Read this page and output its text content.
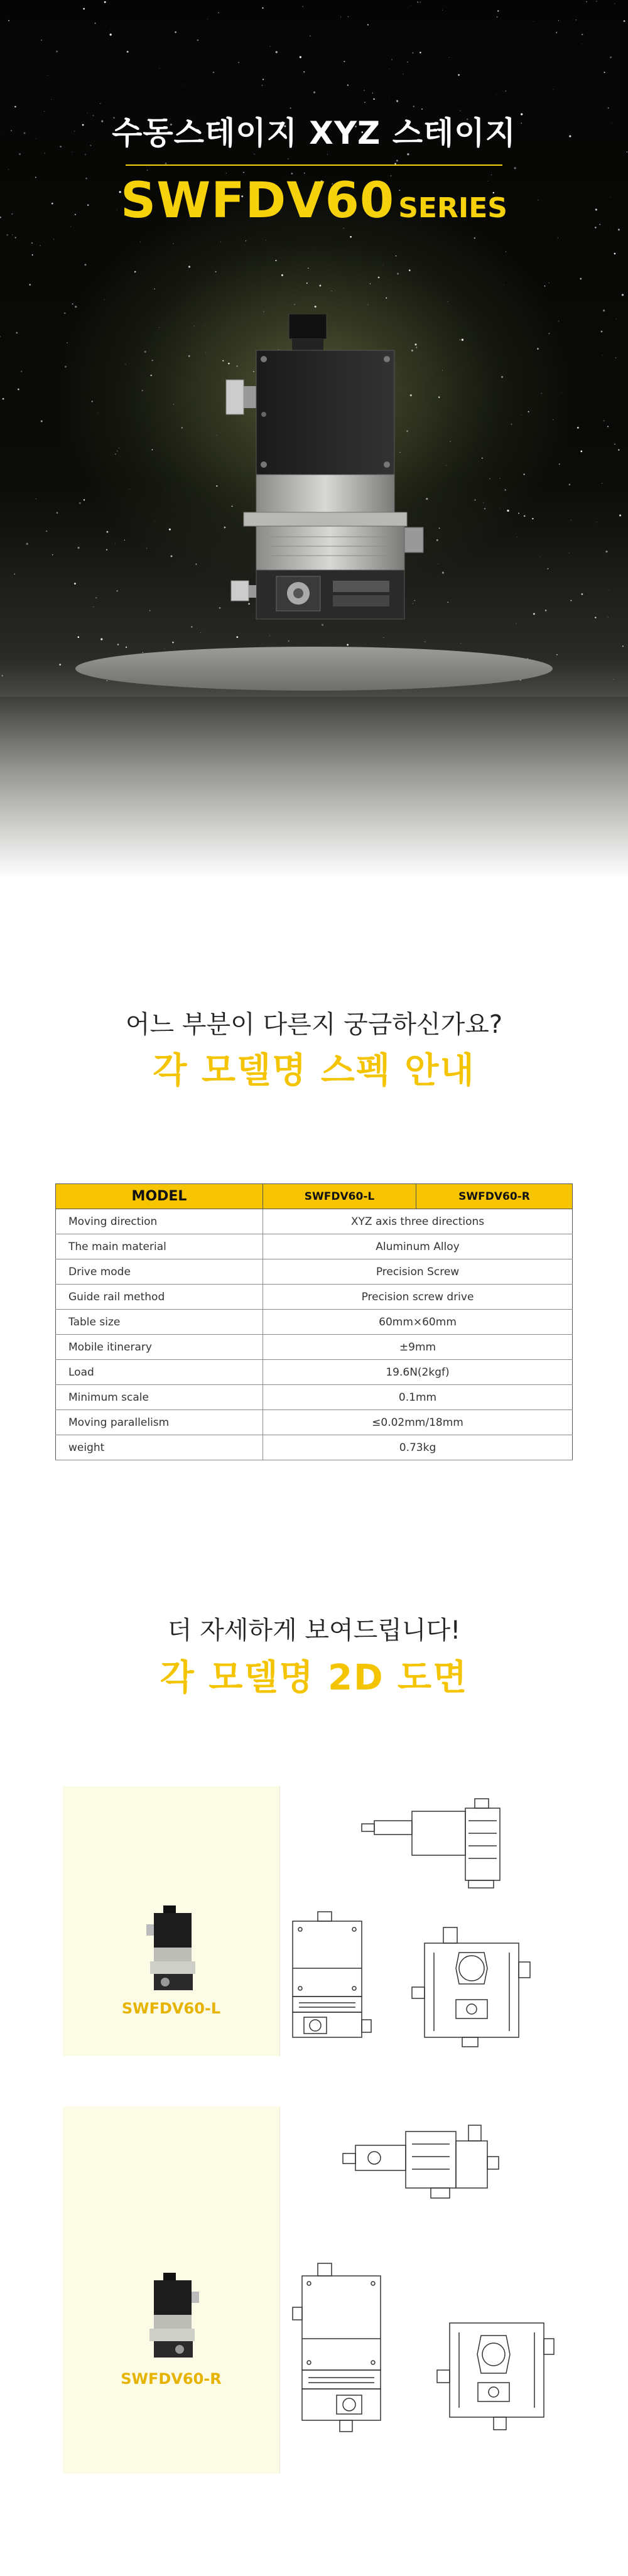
수동스테이지 XYZ 스테이지
SWFDV60 SERIES
어느 부분이 다른지 궁금하신가요?
각 모델명 스펙 안내
MODEL	SWFDV60-L	SWFDV60-R
Moving direction	XYZ axis three directions	
The main material	Aluminum Alloy	
Drive mode	Precision Screw	
Guide rail method	Precision screw drive	
Table size	60mm×60mm	
Mobile itinerary	±9mm	
Load	19.6N(2kgf)	
Minimum scale	0.1mm	
Moving parallelism	≤0.02mm/18mm	
weight	0.73kg	
더 자세하게 보여드립니다!
각 모델명 2D 도면
SWFDV60-L
SWFDV60-R
